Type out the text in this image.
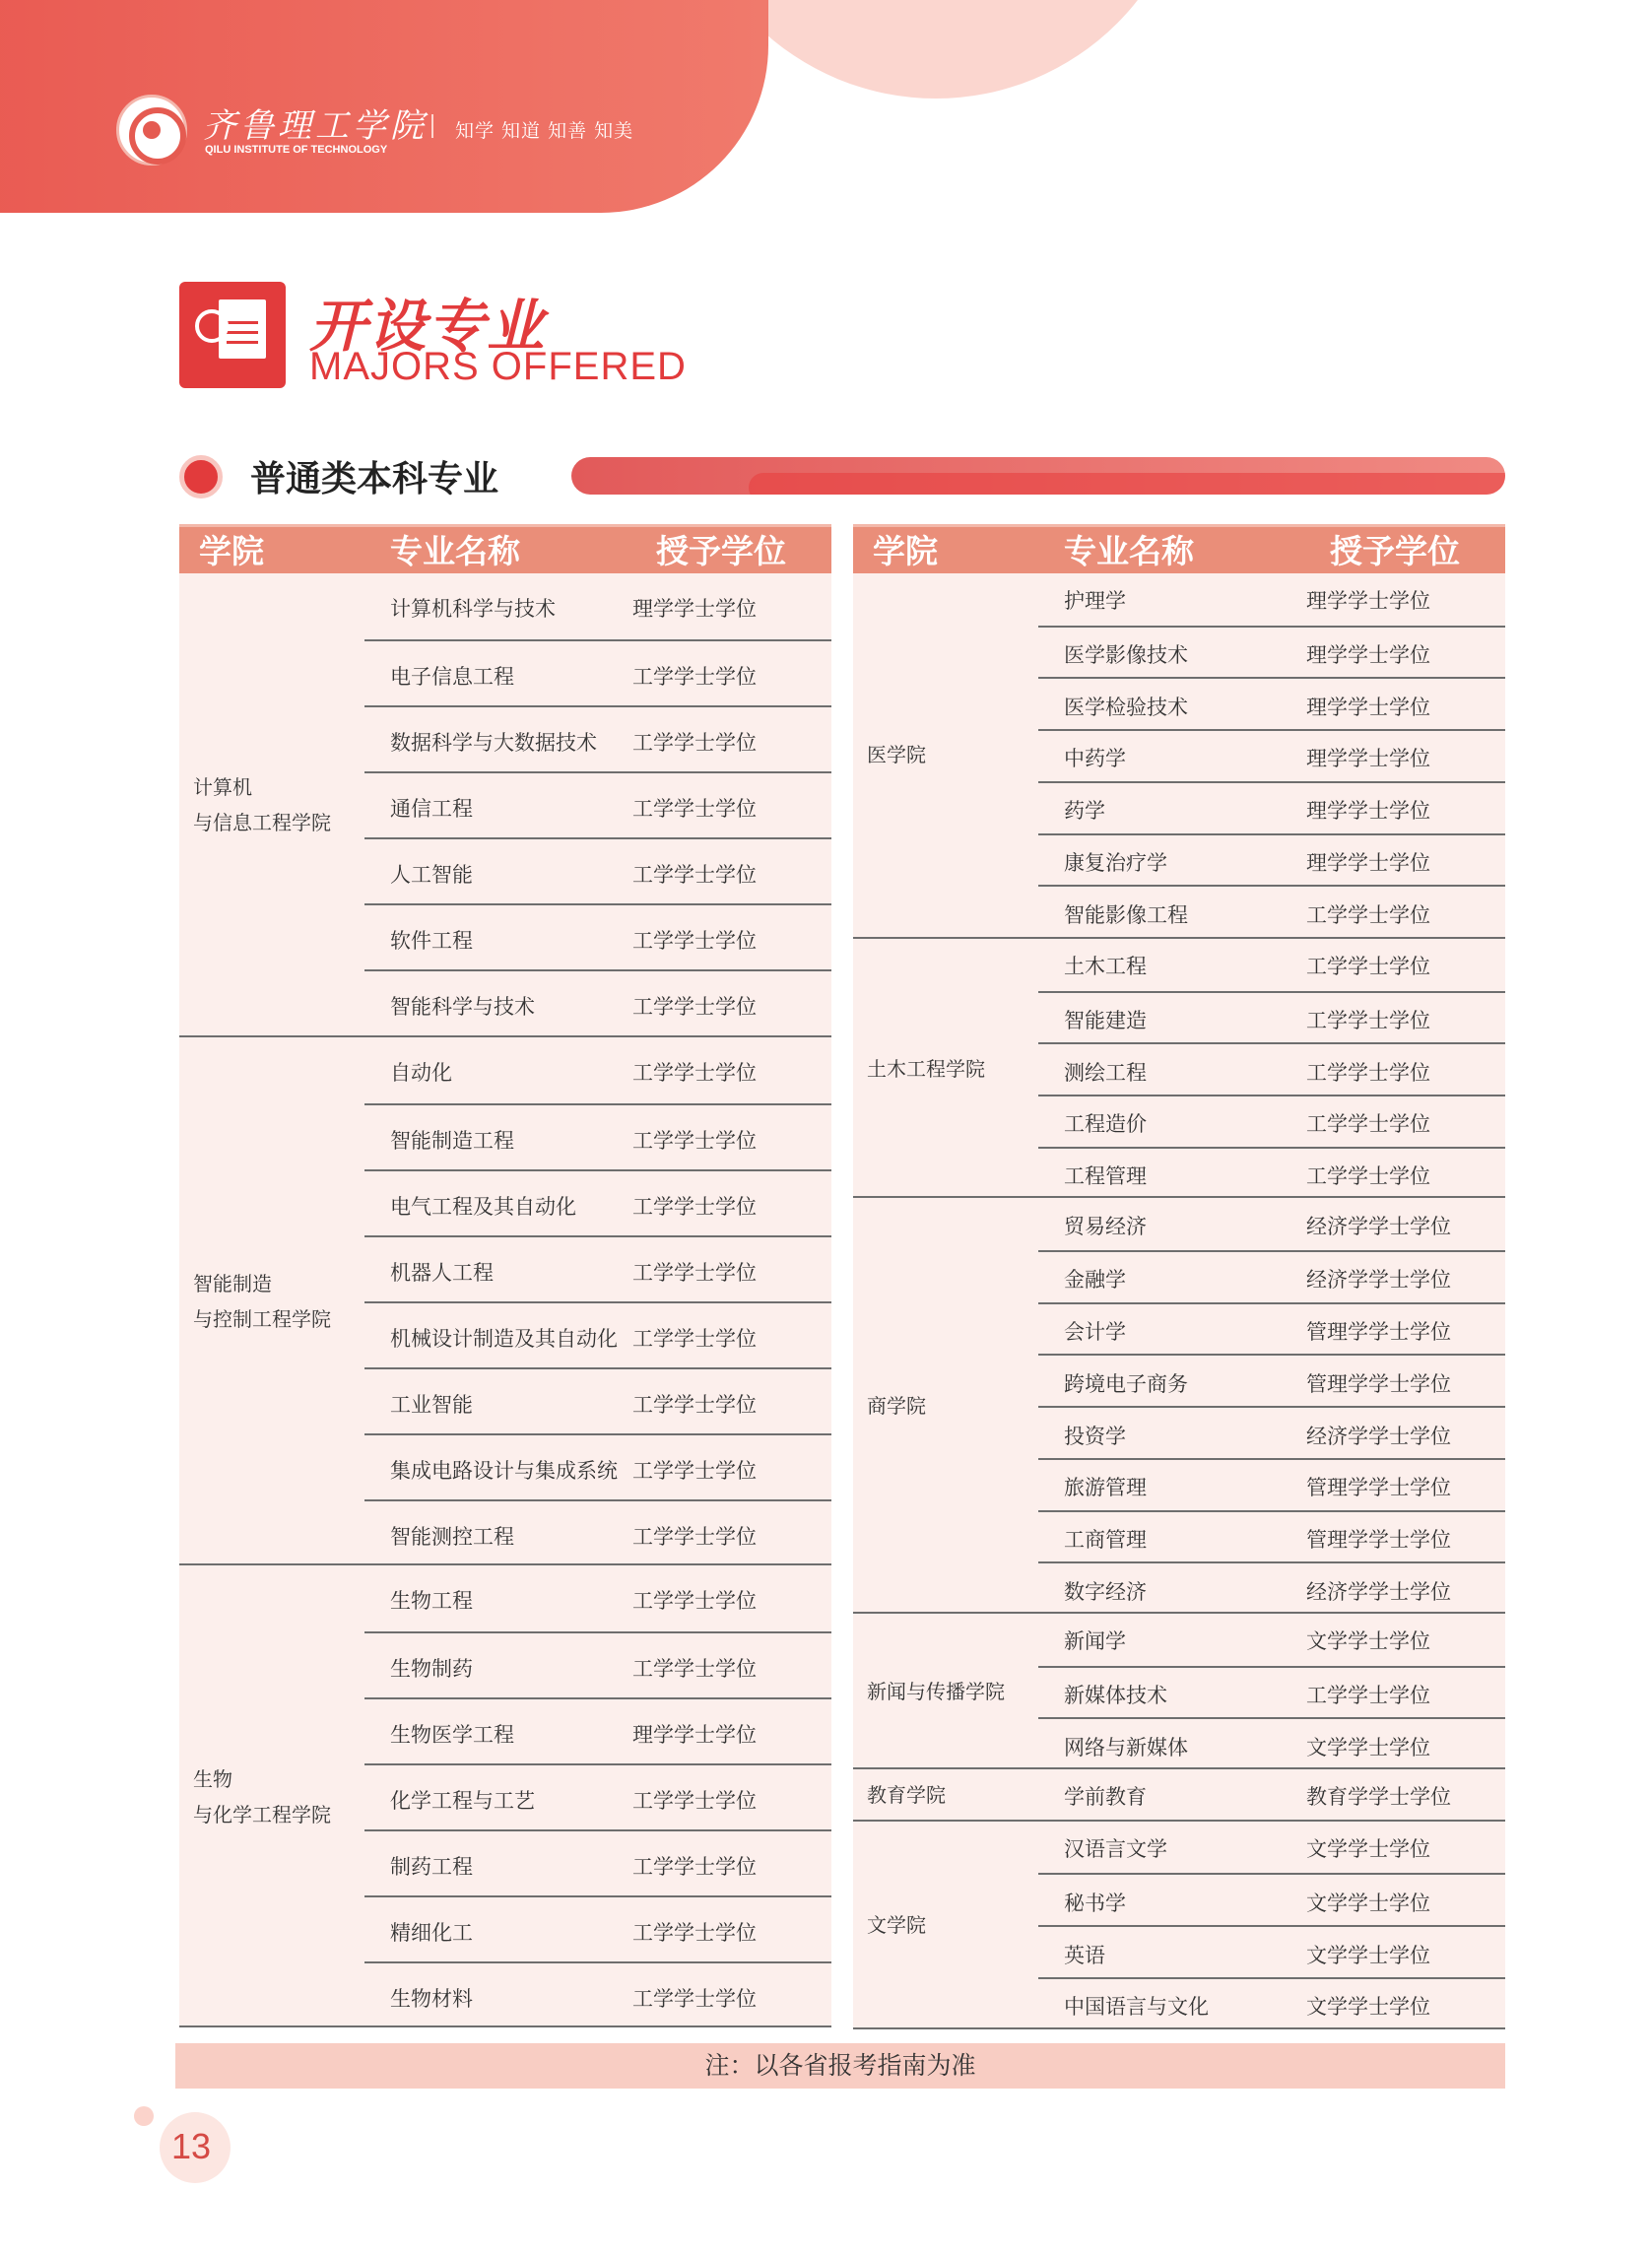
齐鲁理工学院
QILU INSTITUTE OF TECHNOLOGY
知学 知道 知善 知美
开设专业
MAJORS OFFERED
普通类本科专业
学院	专业名称	授予学位
计算机
与信息工程学院
计算机科学与技术	理学学士学位
电子信息工程	工学学士学位
数据科学与大数据技术 工学学士学位
通信工程	工学学士学位
人工智能	工学学士学位
软件工程	工学学士学位
智能科学与技术	工学学士学位
智能制造
与控制工程学院
自动化	工学学士学位
智能制造工程	工学学士学位
电气工程及其自动化	工学学士学位
机器人工程	工学学士学位
机械设计制造及其自动化 工学学士学位
工业智能	工学学士学位
集成电路设计与集成系统 工学学士学位
智能测控工程	工学学士学位
生物
与化学工程学院
生物工程	工学学士学位
生物制药	工学学士学位
生物医学工程	理学学士学位
化学工程与工艺	工学学士学位
制药工程	工学学士学位
精细化工	工学学士学位
生物材料	工学学士学位
学院	专业名称	授予学位
医学院
护理学	理学学士学位
医学影像技术	理学学士学位
医学检验技术	理学学士学位
中药学	理学学士学位
药学	理学学士学位
康复治疗学	理学学士学位
智能影像工程	工学学士学位
土木工程学院
土木工程	工学学士学位
智能建造	工学学士学位
测绘工程	工学学士学位
工程造价	工学学士学位
工程管理	工学学士学位
商学院
贸易经济	经济学学士学位
金融学	经济学学士学位
会计学	管理学学士学位
跨境电子商务	管理学学士学位
投资学	经济学学士学位
旅游管理	管理学学士学位
工商管理	管理学学士学位
数字经济	经济学学士学位
新闻与传播学院
新闻学	文学学士学位
新媒体技术	工学学士学位
网络与新媒体	文学学士学位
教育学院	学前教育	教育学学士学位
文学院
汉语言文学	文学学士学位
秘书学	文学学士学位
英语	文学学士学位
中国语言与文化	文学学士学位
注：以各省报考指南为准
13
